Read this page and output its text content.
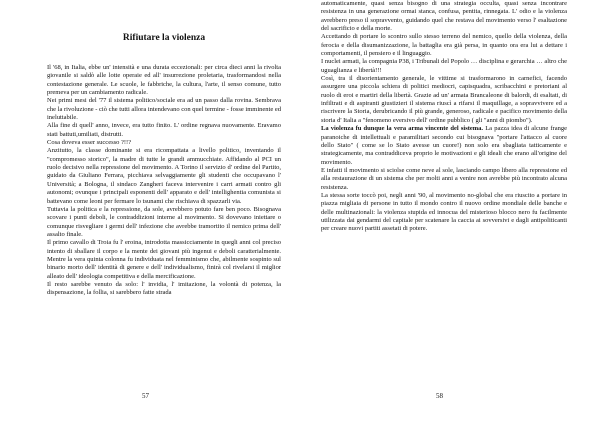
Rifiutare la violenza

Il '68, in Italia, ebbe un' intensità e una durata eccezionali: per circa dieci anni la rivolta giovanile si saldò alle lotte operaie ed all' insurrezione proletaria, trasformandosi nella contestazione generale. Le scuole, le fabbriche, la cultura, l'arte, il senso comune, tutto premeva per un cambiamento radicale.

Nei primi mesi del '77 il sistema politico/sociale era ad un passo dalla rovina. Sembrava che la rivoluzione - ciò che tutti allora intendevano con quel termine - fosse imminente ed ineluttabile.

Alla fine di quell' anno, invece, era tutto finito. L' ordine regnava nuovamente. Eravamo stati battuti,umiliati, distrutti.

Cosa doveva esser successo ?!!?

Anzitutto, la classe dominante si era ricompattata a livello politico, inventando il "compromesso storico", la madre di tutte le grandi ammucchiate. Affidando al PCI un ruolo decisivo nella repressione del movimento. A Torino il servizio d' ordine del Partito, guidato da Giuliano Ferrara, picchiava selvaggiamente gli studenti che occupavano l' Università; a Bologna, il sindaco Zangheri faceva intervenire i carri armati contro gli autonomi; ovunque i principali esponenti dell' apparato e dell' intellighentia comunista si battevano come leoni per fermare lo tsunami che rischiava di spazzarli via.

Tuttavia la politica e la repressione, da sole, avrebbero potuto fare ben poco. Bisognava scovare i punti deboli, le contraddizioni interne al movimento. Si dovevano iniettare o comunque risvegliare i germi dell' infezione che avrebbe tramortito il nemico prima dell' assalto finale.

Il primo cavallo di Troia fu l' eroina, introdotta massicciamente in quegli anni col preciso intento di sballare il corpo e la mente dei giovani più ingenui e deboli caratterialmente. Mentre la vera quinta colonna fu individuata nel femminismo che, abilmente sospinto sul binario morto dell' identità di genere e dell' individualismo, finirà col rivelarsi il miglior alleato dell' ideologia competitiva e della mercificazione.

Il resto sarebbe venuto da solo: l' invidia, l' imitazione, la volontà di potenza, la dispensazione, la follia, si sarebbero fatte strada

57

automaticamente, quasi senza bisogno di una strategia occulta, quasi senza incontrare resistenza in una generazione ormai stanca, confusa, pentita, rinnegata. L' odio e la violenza avrebbero preso il sopravvento, guidando quel che restava del movimento verso l' esaltazione del sacrificio e della morte.

Accettando di portare lo scontro sullo stesso terreno del nemico, quello della violenza, della ferocia e della disumanizzazione, la battaglia era già persa, in quanto ora era lui a dettare i comportamenti, il pensiero e il linguaggio.

I nuclei armati, la compagnia P38, i Tribunali del Popolo … disciplina e gerarchia … altro che uguaglianza e libertà!!!

Così, tra il disorientamento generale, le vittime si trasformarono in carnefici, facendo assurgere una piccola schiera di politici mediocri, capisquadra, scribacchini e pretoriani al ruolo di eroi e martiri della libertà. Grazie ad un' armata Brancaleone di balordi, di esaltati, di infiltrati e di aspiranti giustizieri il sistema riuscì a rifarsi il maquillage, a sopravvivere ed a riscrivere la Storia, derubricando il più grande, generoso, radicale e pacifico movimento della storia d' Italia a "fenomeno eversivo dell' ordine pubblico ( gli "anni di piombo").

La violenza fu dunque la vera arma vincente del sistema. La pazza idea di alcune frange paranoiche di intellettuali e paramilitari secondo cui bisognava "portare l'attacco al cuore dello Stato" ( come se lo Stato avesse un cuore!) non solo era sbagliata tatticamente e strategicamente, ma contraddiceva proprio le motivazioni e gli ideali che erano all'origine del movimento.

E infatti il movimento si sciolse come neve al sole, lasciando campo libero alla repressione ed alla restaurazione di un sistema che per molti anni a venire non avrebbe più incontrato alcuna resistenza.

La stessa sorte toccò poi, negli anni '90, al movimento no-global che era riuscito a portare in piazza migliaia di persone in tutto il mondo contro il nuovo ordine mondiale delle banche e delle multinazionali: la violenza stupida ed innocua del misterioso blocco nero fu facilmente utilizzata dai gendarmi del capitale per scatenare la caccia ai sovversivi e dagli antipoliticanti per creare nuovi partiti assetati di potere.

58
